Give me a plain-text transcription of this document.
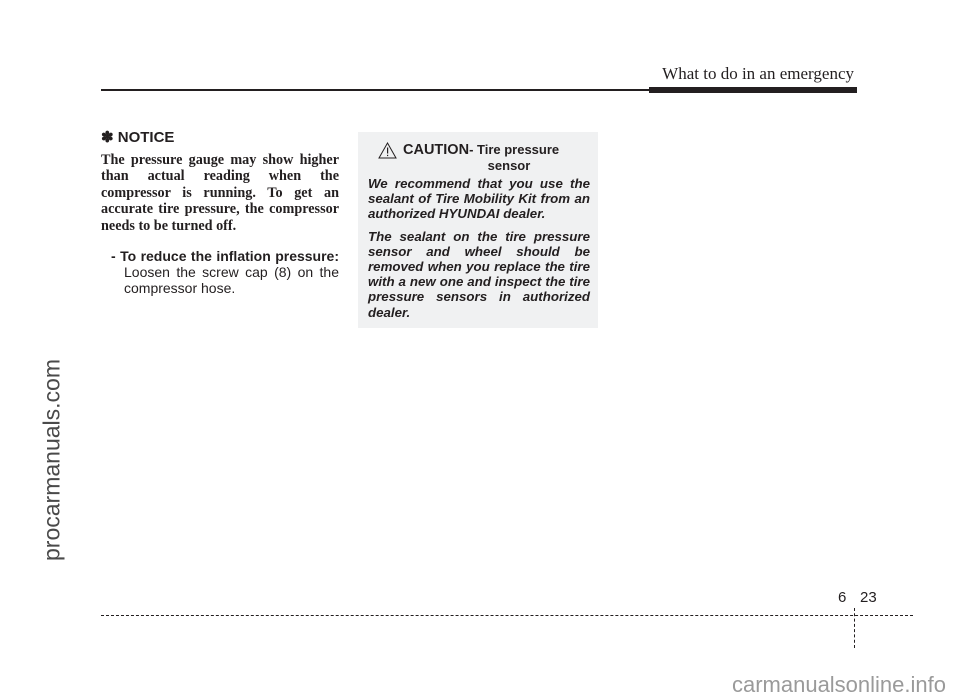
What to do in an emergency
procarmanuals.com
✽ NOTICE

The pressure gauge may show higher than actual reading when the compressor is running. To get an accurate tire pressure, the compressor needs to be turned off.

- To reduce the inflation pressure: Loosen the screw cap (8) on the compressor hose.
CAUTION - Tire pressure
sensor

We recommend that you use the sealant of Tire Mobility Kit from an authorized HYUNDAI dealer.

The sealant on the tire pressure sensor and wheel should be removed when you replace the tire with a new one and inspect the tire pressure sensors in authorized dealer.

6 23
carmanualsonline.info
